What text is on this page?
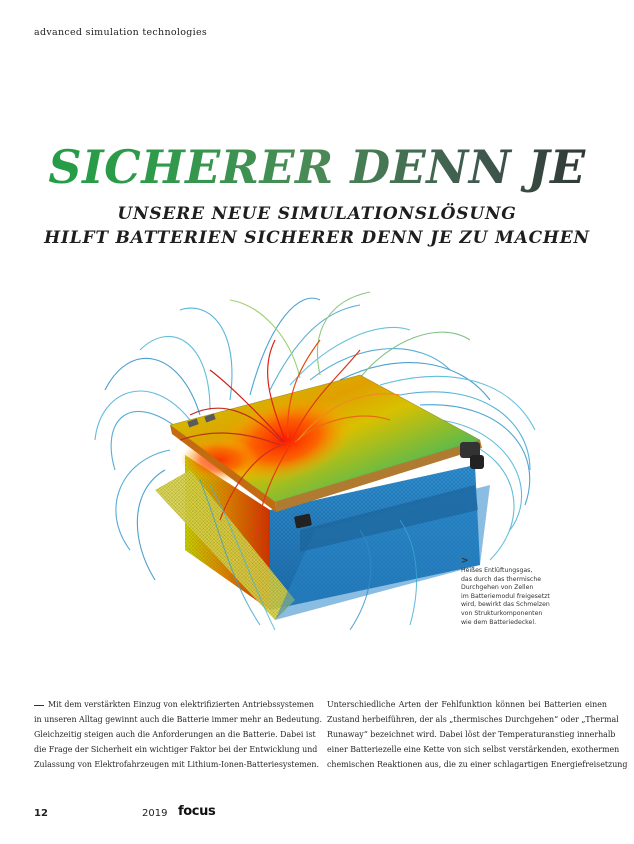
advanced simulation technologies
SICHERER DENN JE
UNSERE NEUE SIMULATIONSLÖSUNG
HILFT BATTERIEN SICHERER DENN JE ZU MACHEN
>
Heißes Entlüftungsgas,
das durch das thermische
Durchgehen von Zellen
im Batteriemodul freigesetzt
wird, bewirkt das Schmelzen
von Strukturkomponenten
wie dem Batteriedeckel.
Mit dem verstärkten Einzug von elektrifizierten Antriebssystemen
in unseren Alltag gewinnt auch die Batterie immer mehr an Bedeutung.
Gleichzeitig steigen auch die Anforderungen an die Batterie. Dabei ist
die Frage der Sicherheit ein wichtiger Faktor bei der Entwicklung und
Zulassung von Elektrofahrzeugen mit Lithium-Ionen-Batteriesystemen.
Unterschiedliche Arten der Fehlfunktion können bei Batterien einen
Zustand herbeiführen, der als „thermisches Durchgehen“ oder „Thermal
Runaway“ bezeichnet wird. Dabei löst der Temperaturanstieg innerhalb
einer Batteriezelle eine Kette von sich selbst verstärkenden, exothermen
chemischen Reaktionen aus, die zu einer schlagartigen Energiefreisetzung
12	2019 focus
